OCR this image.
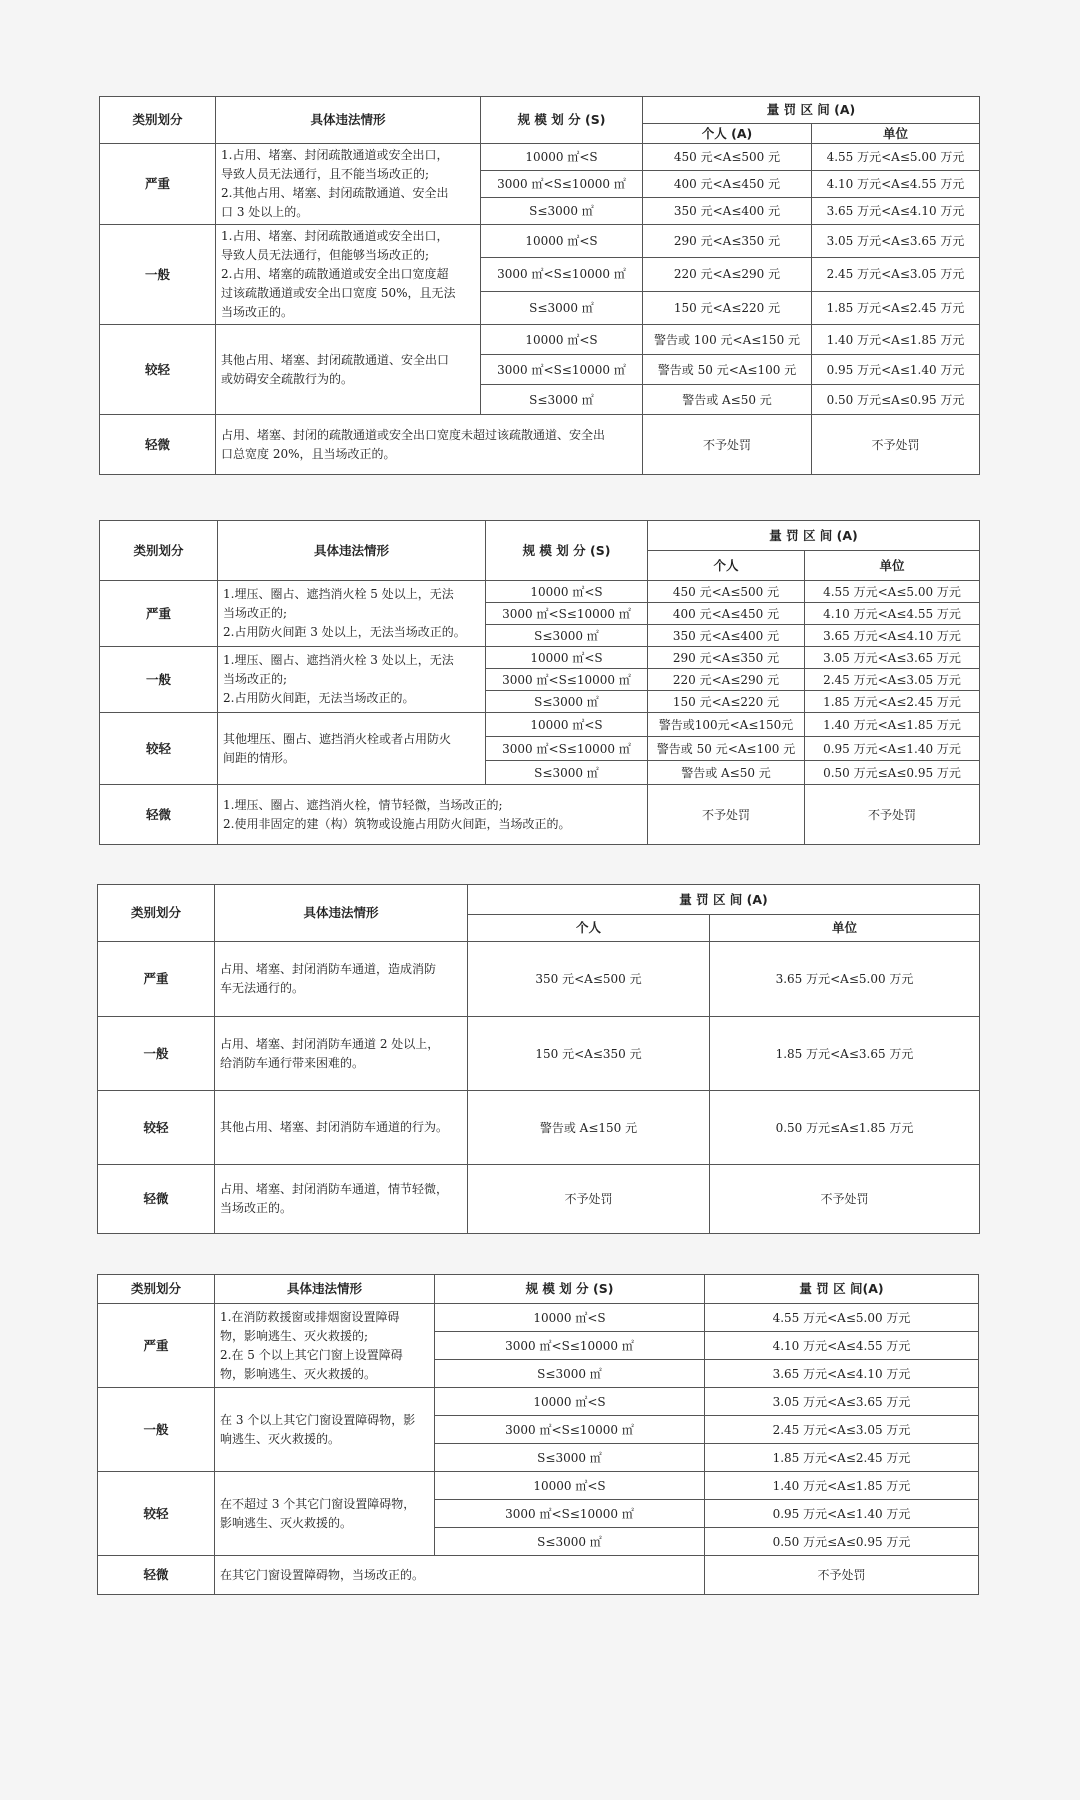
类别划分	具体违法情形	规 模 划 分 (S)	量 罚 区 间 (A)	
			个人 (A)	单位
严重	1.占用、堵塞、封闭疏散通道或安全出口，
导致人员无法通行，且不能当场改正的;
2.其他占用、堵塞、封闭疏散通道、安全出
口 3 处以上的。	10000 ㎡<S	450 元<A≤500 元	4.55 万元<A≤5.00 万元
		3000 ㎡<S≤10000 ㎡	400 元<A≤450 元	4.10 万元<A≤4.55 万元
		S≤3000 ㎡	350 元<A≤400 元	3.65 万元<A≤4.10 万元
一般	1.占用、堵塞、封闭疏散通道或安全出口，
导致人员无法通行，但能够当场改正的;
2.占用、堵塞的疏散通道或安全出口宽度超
过该疏散通道或安全出口宽度 50%，且无法
当场改正的。	10000 ㎡<S	290 元<A≤350 元	3.05 万元<A≤3.65 万元
		3000 ㎡<S≤10000 ㎡	220 元<A≤290 元	2.45 万元<A≤3.05 万元
		S≤3000 ㎡	150 元<A≤220 元	1.85 万元<A≤2.45 万元
较轻	其他占用、堵塞、封闭疏散通道、安全出口
或妨碍安全疏散行为的。	10000 ㎡<S	警告或 100 元<A≤150 元	1.40 万元<A≤1.85 万元
		3000 ㎡<S≤10000 ㎡	警告或 50 元<A≤100 元	0.95 万元<A≤1.40 万元
		S≤3000 ㎡	警告或 A≤50 元	0.50 万元≤A≤0.95 万元
轻微	占用、堵塞、封闭的疏散通道或安全出口宽度未超过该疏散通道、安全出
口总宽度 20%，且当场改正的。		不予处罚	不予处罚
类别划分	具体违法情形	规 模 划 分 (S)	量 罚 区 间 (A)	
			个人	单位
严重	1.埋压、圈占、遮挡消火栓 5 处以上，无法
当场改正的;
2.占用防火间距 3 处以上，无法当场改正的。	10000 ㎡<S	450 元<A≤500 元	4.55 万元<A≤5.00 万元
		3000 ㎡<S≤10000 ㎡	400 元<A≤450 元	4.10 万元<A≤4.55 万元
		S≤3000 ㎡	350 元<A≤400 元	3.65 万元<A≤4.10 万元
一般	1.埋压、圈占、遮挡消火栓 3 处以上，无法
当场改正的;
2.占用防火间距，无法当场改正的。	10000 ㎡<S	290 元<A≤350 元	3.05 万元<A≤3.65 万元
		3000 ㎡<S≤10000 ㎡	220 元<A≤290 元	2.45 万元<A≤3.05 万元
		S≤3000 ㎡	150 元<A≤220 元	1.85 万元<A≤2.45 万元
较轻	其他埋压、圈占、遮挡消火栓或者占用防火
间距的情形。	10000 ㎡<S	警告或100元<A≤150元	1.40 万元<A≤1.85 万元
		3000 ㎡<S≤10000 ㎡	警告或 50 元<A≤100 元	0.95 万元<A≤1.40 万元
		S≤3000 ㎡	警告或 A≤50 元	0.50 万元≤A≤0.95 万元
轻微	1.埋压、圈占、遮挡消火栓，情节轻微，当场改正的;
2.使用非固定的建（构）筑物或设施占用防火间距，当场改正的。		不予处罚	不予处罚
类别划分	具体违法情形	量 罚 区 间 (A)	
		个人	单位
严重	占用、堵塞、封闭消防车通道，造成消防
车无法通行的。	350 元<A≤500 元	3.65 万元<A≤5.00 万元
一般	占用、堵塞、封闭消防车通道 2 处以上，
给消防车通行带来困难的。	150 元<A≤350 元	1.85 万元<A≤3.65 万元
较轻	其他占用、堵塞、封闭消防车通道的行为。	警告或 A≤150 元	0.50 万元≤A≤1.85 万元
轻微	占用、堵塞、封闭消防车通道，情节轻微，
当场改正的。	不予处罚	不予处罚
类别划分	具体违法情形	规 模 划 分 (S)	量 罚 区 间(A)
严重	1.在消防救援窗或排烟窗设置障碍
物，影响逃生、灭火救援的;
2.在 5 个以上其它门窗上设置障碍
物，影响逃生、灭火救援的。	10000 ㎡<S	4.55 万元<A≤5.00 万元
		3000 ㎡<S≤10000 ㎡	4.10 万元<A≤4.55 万元
		S≤3000 ㎡	3.65 万元<A≤4.10 万元
一般	在 3 个以上其它门窗设置障碍物，影
响逃生、灭火救援的。	10000 ㎡<S	3.05 万元<A≤3.65 万元
		3000 ㎡<S≤10000 ㎡	2.45 万元<A≤3.05 万元
		S≤3000 ㎡	1.85 万元<A≤2.45 万元
较轻	在不超过 3 个其它门窗设置障碍物，
影响逃生、灭火救援的。	10000 ㎡<S	1.40 万元<A≤1.85 万元
		3000 ㎡<S≤10000 ㎡	0.95 万元<A≤1.40 万元
		S≤3000 ㎡	0.50 万元≤A≤0.95 万元
轻微	在其它门窗设置障碍物，当场改正的。		不予处罚
